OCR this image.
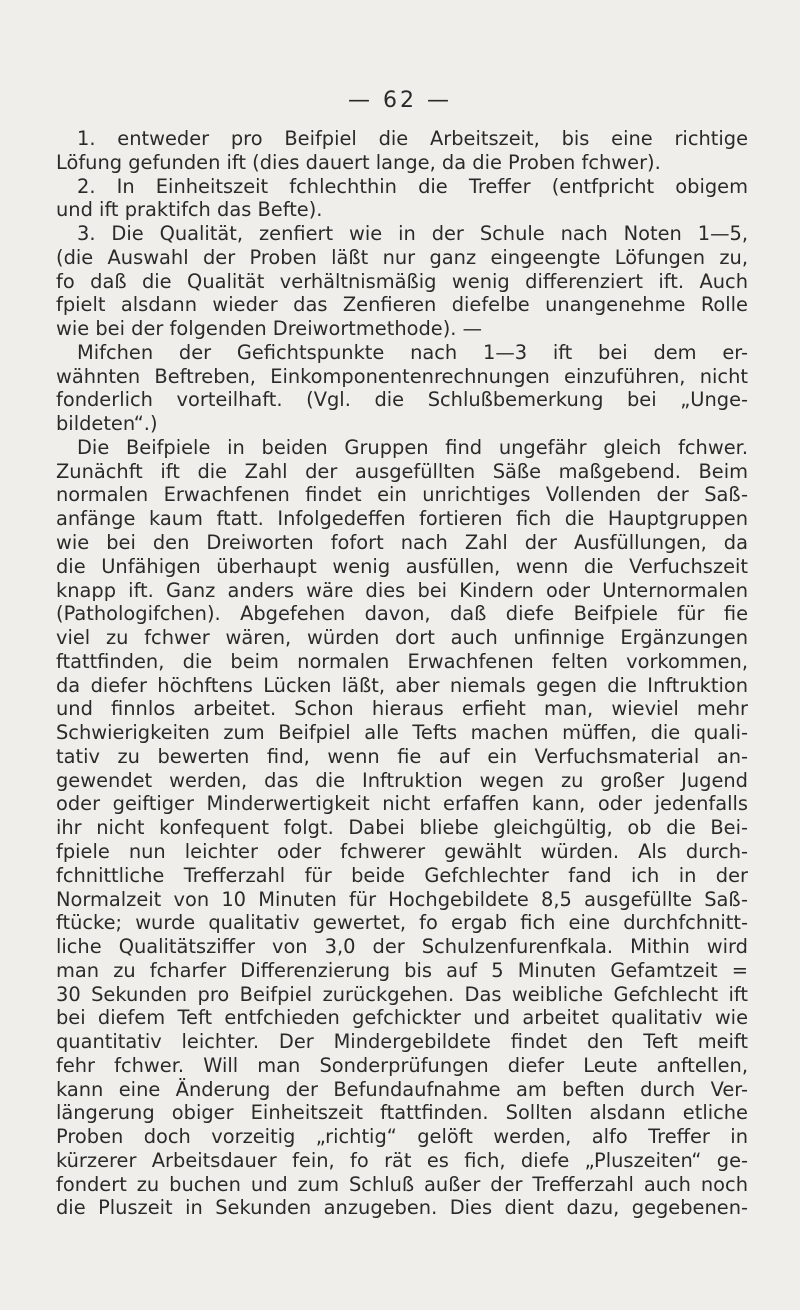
— 62 —
1. entweder pro Beifpiel die Arbeitszeit, bis eine richtige
Löfung gefunden ift (dies dauert lange, da die Proben fchwer).
2. In Einheitszeit fchlechthin die Treffer (entfpricht obigem
und ift praktifch das Befte).
3. Die Qualität, zenfiert wie in der Schule nach Noten 1—5,
(die Auswahl der Proben läßt nur ganz eingeengte Löfungen zu,
fo daß die Qualität verhältnismäßig wenig differenziert ift. Auch
fpielt alsdann wieder das Zenfieren diefelbe unangenehme Rolle
wie bei der folgenden Dreiwortmethode). —
Mifchen der Gefichtspunkte nach 1—3 ift bei dem er-
wähnten Beftreben, Einkomponentenrechnungen einzuführen, nicht
fonderlich vorteilhaft. (Vgl. die Schlußbemerkung bei „Unge-
bildeten“.)
Die Beifpiele in beiden Gruppen find ungefähr gleich fchwer.
Zunächft ift die Zahl der ausgefüllten Säße maßgebend. Beim
normalen Erwachfenen findet ein unrichtiges Vollenden der Saß-
anfänge kaum ftatt. Infolgedeffen fortieren fich die Hauptgruppen
wie bei den Dreiworten fofort nach Zahl der Ausfüllungen, da
die Unfähigen überhaupt wenig ausfüllen, wenn die Verfuchszeit
knapp ift. Ganz anders wäre dies bei Kindern oder Unternormalen
(Pathologifchen). Abgefehen davon, daß diefe Beifpiele für fie
viel zu fchwer wären, würden dort auch unfinnige Ergänzungen
ftattfinden, die beim normalen Erwachfenen felten vorkommen,
da diefer höchftens Lücken läßt, aber niemals gegen die Inftruktion
und finnlos arbeitet. Schon hieraus erfieht man, wieviel mehr
Schwierigkeiten zum Beifpiel alle Tefts machen müffen, die quali-
tativ zu bewerten find, wenn fie auf ein Verfuchsmaterial an-
gewendet werden, das die Inftruktion wegen zu großer Jugend
oder geiftiger Minderwertigkeit nicht erfaffen kann, oder jedenfalls
ihr nicht konfequent folgt. Dabei bliebe gleichgültig, ob die Bei-
fpiele nun leichter oder fchwerer gewählt würden. Als durch-
fchnittliche Trefferzahl für beide Gefchlechter fand ich in der
Normalzeit von 10 Minuten für Hochgebildete 8,5 ausgefüllte Saß-
ftücke; wurde qualitativ gewertet, fo ergab fich eine durchfchnitt-
liche Qualitätsziffer von 3,0 der Schulzenfurenfkala. Mithin wird
man zu fcharfer Differenzierung bis auf 5 Minuten Gefamtzeit =
30 Sekunden pro Beifpiel zurückgehen. Das weibliche Gefchlecht ift
bei diefem Teft entfchieden gefchickter und arbeitet qualitativ wie
quantitativ leichter. Der Mindergebildete findet den Teft meift
fehr fchwer. Will man Sonderprüfungen diefer Leute anftellen,
kann eine Änderung der Befundaufnahme am beften durch Ver-
längerung obiger Einheitszeit ftattfinden. Sollten alsdann etliche
Proben doch vorzeitig „richtig“ gelöft werden, alfo Treffer in
kürzerer Arbeitsdauer fein, fo rät es fich, diefe „Pluszeiten“ ge-
fondert zu buchen und zum Schluß außer der Trefferzahl auch noch
die Pluszeit in Sekunden anzugeben. Dies dient dazu, gegebenen-
